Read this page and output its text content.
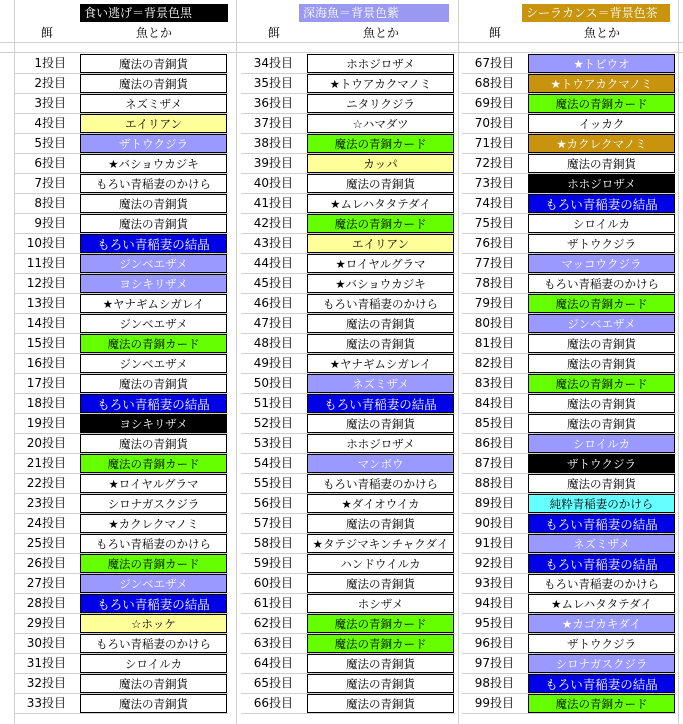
食い逃げ＝背景色黒
餌	魚とか
1投目	魔法の青銅貨
2投目	魔法の青銅貨
3投目	ネズミザメ
4投目	エイリアン
5投目	ザトウクジラ
6投目	★バショウカジキ
7投目	もろい青稲妻のかけら
8投目	魔法の青銅貨
9投目	魔法の青銅貨
10投目	もろい青稲妻の結晶
11投目	ジンベエザメ
12投目	ヨシキリザメ
13投目	★ヤナギムシガレイ
14投目	ジンベエザメ
15投目	魔法の青銅カード
16投目	ジンベエザメ
17投目	魔法の青銅貨
18投目	もろい青稲妻の結晶
19投目	ヨシキリザメ
20投目	魔法の青銅貨
21投目	魔法の青銅カード
22投目	★ロイヤルグラマ
23投目	シロナガスクジラ
24投目	★カクレクマノミ
25投目	もろい青稲妻のかけら
26投目	魔法の青銅カード
27投目	ジンベエザメ
28投目	もろい青稲妻の結晶
29投目	☆ホッケ
30投目	もろい青稲妻のかけら
31投目	シロイルカ
32投目	魔法の青銅貨
33投目	魔法の青銅貨
深海魚＝背景色紫
餌	魚とか
34投目	ホホジロザメ
35投目	★トウアカクマノミ
36投目	ニタリクジラ
37投目	☆ハマダツ
38投目	魔法の青銅カード
39投目	カッパ
40投目	魔法の青銅貨
41投目	★ムレハタタテダイ
42投目	魔法の青銅カード
43投目	エイリアン
44投目	★ロイヤルグラマ
45投目	★バショウカジキ
46投目	もろい青稲妻のかけら
47投目	魔法の青銅貨
48投目	魔法の青銅貨
49投目	★ヤナギムシガレイ
50投目	ネズミザメ
51投目	もろい青稲妻の結晶
52投目	魔法の青銅貨
53投目	ホホジロザメ
54投目	マンボウ
55投目	もろい青稲妻のかけら
56投目	★ダイオウイカ
57投目	魔法の青銅貨
58投目	★タテジマキンチャクダイ
59投目	ハンドウイルカ
60投目	魔法の青銅貨
61投目	ホシザメ
62投目	魔法の青銅カード
63投目	魔法の青銅カード
64投目	魔法の青銅貨
65投目	魔法の青銅貨
66投目	魔法の青銅貨
シーラカンス＝背景色茶
餌	魚とか
67投目	★トビウオ
68投目	★トウアカクマノミ
69投目	魔法の青銅カード
70投目	イッカク
71投目	★カクレクマノミ
72投目	魔法の青銅貨
73投目	ホホジロザメ
74投目	もろい青稲妻の結晶
75投目	シロイルカ
76投目	ザトウクジラ
77投目	マッコウクジラ
78投目	もろい青稲妻のかけら
79投目	魔法の青銅カード
80投目	ジンベエザメ
81投目	魔法の青銅貨
82投目	魔法の青銅貨
83投目	魔法の青銅カード
84投目	魔法の青銅貨
85投目	魔法の青銅貨
86投目	シロイルカ
87投目	ザトウクジラ
88投目	魔法の青銅貨
89投目	純粋青稲妻のかけら
90投目	もろい青稲妻の結晶
91投目	ネズミザメ
92投目	もろい青稲妻の結晶
93投目	もろい青稲妻のかけら
94投目	★ムレハタタテダイ
95投目	★カゴカキダイ
96投目	ザトウクジラ
97投目	シロナガスクジラ
98投目	もろい青稲妻の結晶
99投目	魔法の青銅カード
